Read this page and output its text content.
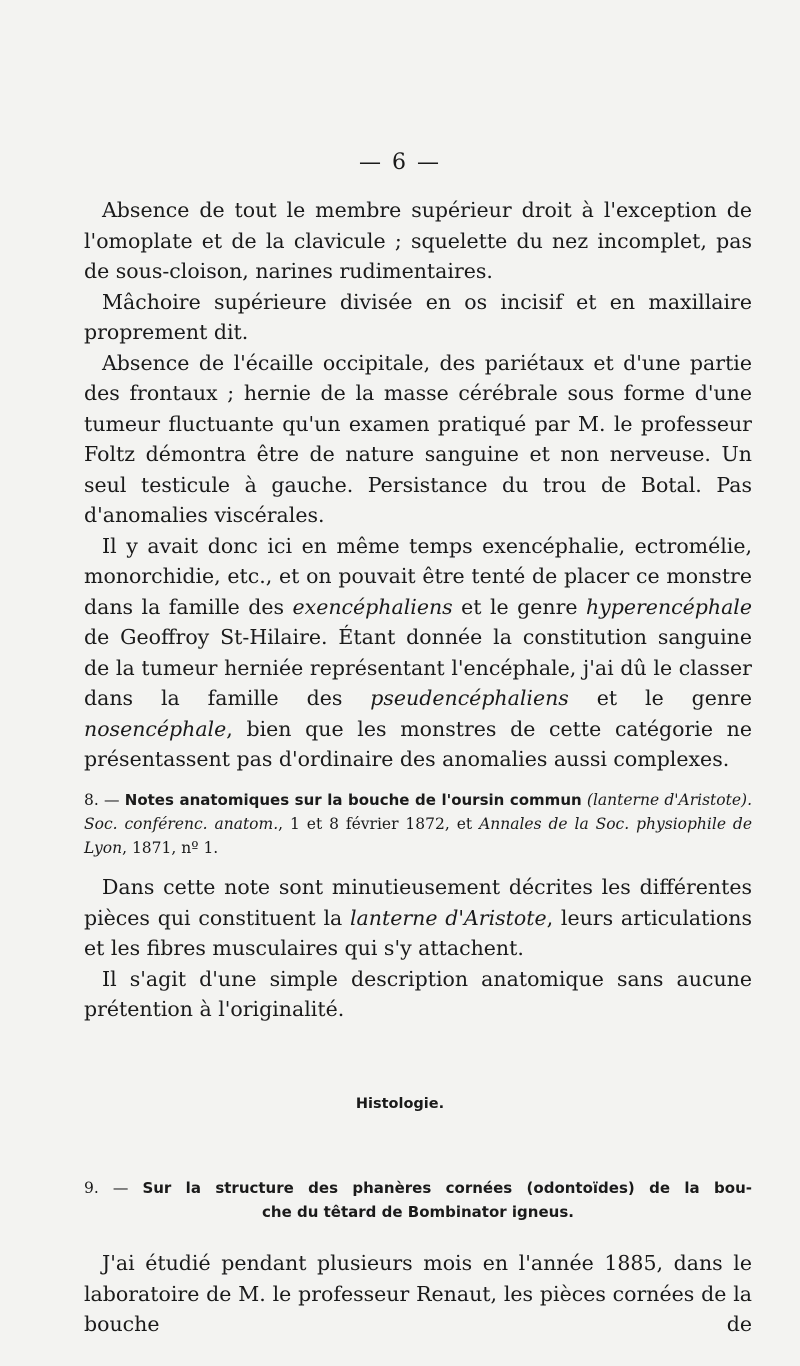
— 6 —

Absence de tout le membre supérieur droit à l'exception de l'omoplate et de la clavicule ; squelette du nez incomplet, pas de sous-cloison, narines rudimentaires.

Mâchoire supérieure divisée en os incisif et en maxillaire proprement dit.

Absence de l'écaille occipitale, des pariétaux et d'une partie des frontaux ; hernie de la masse cérébrale sous forme d'une tumeur fluctuante qu'un examen pratiqué par M. le professeur Foltz démontra être de nature sanguine et non nerveuse. Un seul testicule à gauche. Persistance du trou de Botal. Pas d'anomalies viscérales.

Il y avait donc ici en même temps exencéphalie, ectromélie, monorchidie, etc., et on pouvait être tenté de placer ce monstre dans la famille des exencéphaliens et le genre hyperencéphale de Geoffroy St-Hilaire. Étant donnée la constitution sanguine de la tumeur herniée représentant l'encéphale, j'ai dû le classer dans la famille des pseudencéphaliens et le genre nosencéphale, bien que les monstres de cette catégorie ne présentassent pas d'ordinaire des anomalies aussi complexes.

8. — Notes anatomiques sur la bouche de l'oursin commun (lanterne d'Aristote). Soc. conférenc. anatom., 1 et 8 février 1872, et Annales de la Soc. physiophile de Lyon, 1871, nº 1.

Dans cette note sont minutieusement décrites les différentes pièces qui constituent la lanterne d'Aristote, leurs articulations et les fibres musculaires qui s'y attachent.

Il s'agit d'une simple description anatomique sans aucune prétention à l'originalité.

Histologie.
9. — Sur la structure des phanères cornées (odontoïdes) de la bou-
che du têtard de Bombinator igneus.

J'ai étudié pendant plusieurs mois en l'année 1885, dans le laboratoire de M. le professeur Renaut, les pièces cornées de la bouche de
